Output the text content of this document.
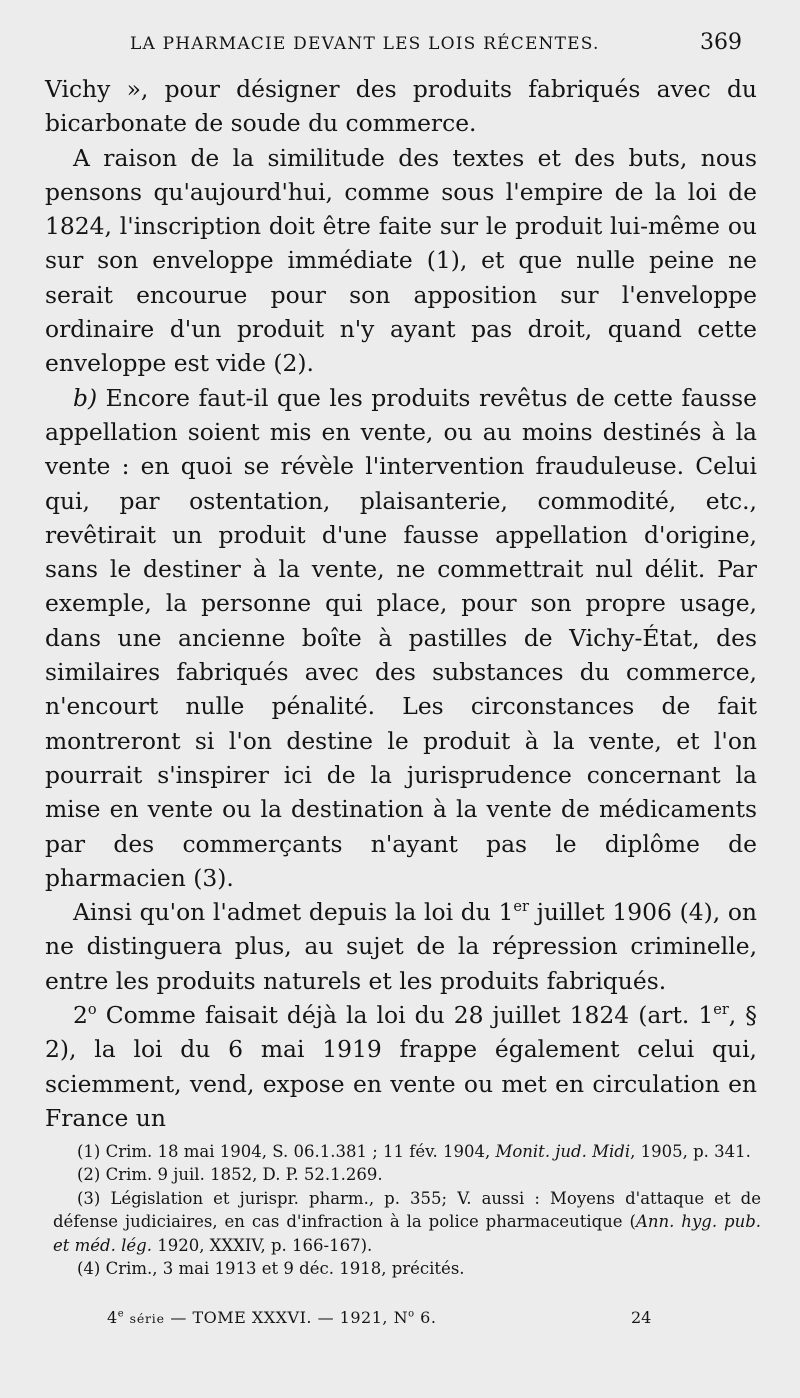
LA PHARMACIE DEVANT LES LOIS RÉCENTES.	369

Vichy », pour désigner des produits fabriqués avec du bicarbonate de soude du commerce.

A raison de la similitude des textes et des buts, nous pensons qu'aujourd'hui, comme sous l'empire de la loi de 1824, l'inscription doit être faite sur le produit lui-même ou sur son enveloppe immédiate (1), et que nulle peine ne serait encourue pour son apposition sur l'enveloppe ordinaire d'un produit n'y ayant pas droit, quand cette enveloppe est vide (2).

b) Encore faut-il que les produits revêtus de cette fausse appellation soient mis en vente, ou au moins destinés à la vente : en quoi se révèle l'intervention frauduleuse. Celui qui, par ostentation, plaisanterie, commodité, etc., revêtirait un produit d'une fausse appellation d'origine, sans le destiner à la vente, ne commettrait nul délit. Par exemple, la personne qui place, pour son propre usage, dans une ancienne boîte à pastilles de Vichy-État, des similaires fabriqués avec des substances du commerce, n'encourt nulle pénalité. Les circonstances de fait montreront si l'on destine le produit à la vente, et l'on pourrait s'inspirer ici de la jurisprudence concernant la mise en vente ou la destination à la vente de médicaments par des commerçants n'ayant pas le diplôme de pharmacien (3).

Ainsi qu'on l'admet depuis la loi du 1er juillet 1906 (4), on ne distinguera plus, au sujet de la répression criminelle, entre les produits naturels et les produits fabriqués.

2$^o$ Comme faisait déjà la loi du 28 juillet 1824 (art. 1er, § 2), la loi du 6 mai 1919 frappe également celui qui, sciemment, vend, expose en vente ou met en circulation en France un

(1) Crim. 18 mai 1904, S. 06.1.381 ; 11 fév. 1904, Monit. jud. Midi, 1905, p. 341.

(2) Crim. 9 juil. 1852, D. P. 52.1.269.

(3) Législation et jurispr. pharm., p. 355; V. aussi : Moyens d'attaque et de défense judiciaires, en cas d'infraction à la police pharmaceutique (Ann. hyg. pub. et méd. lég. 1920, XXXIV, p. 166-167).

(4) Crim., 3 mai 1913 et 9 déc. 1918, précités.

4e série — TOME XXXVI. — 1921, $N^o$ 6.	24
